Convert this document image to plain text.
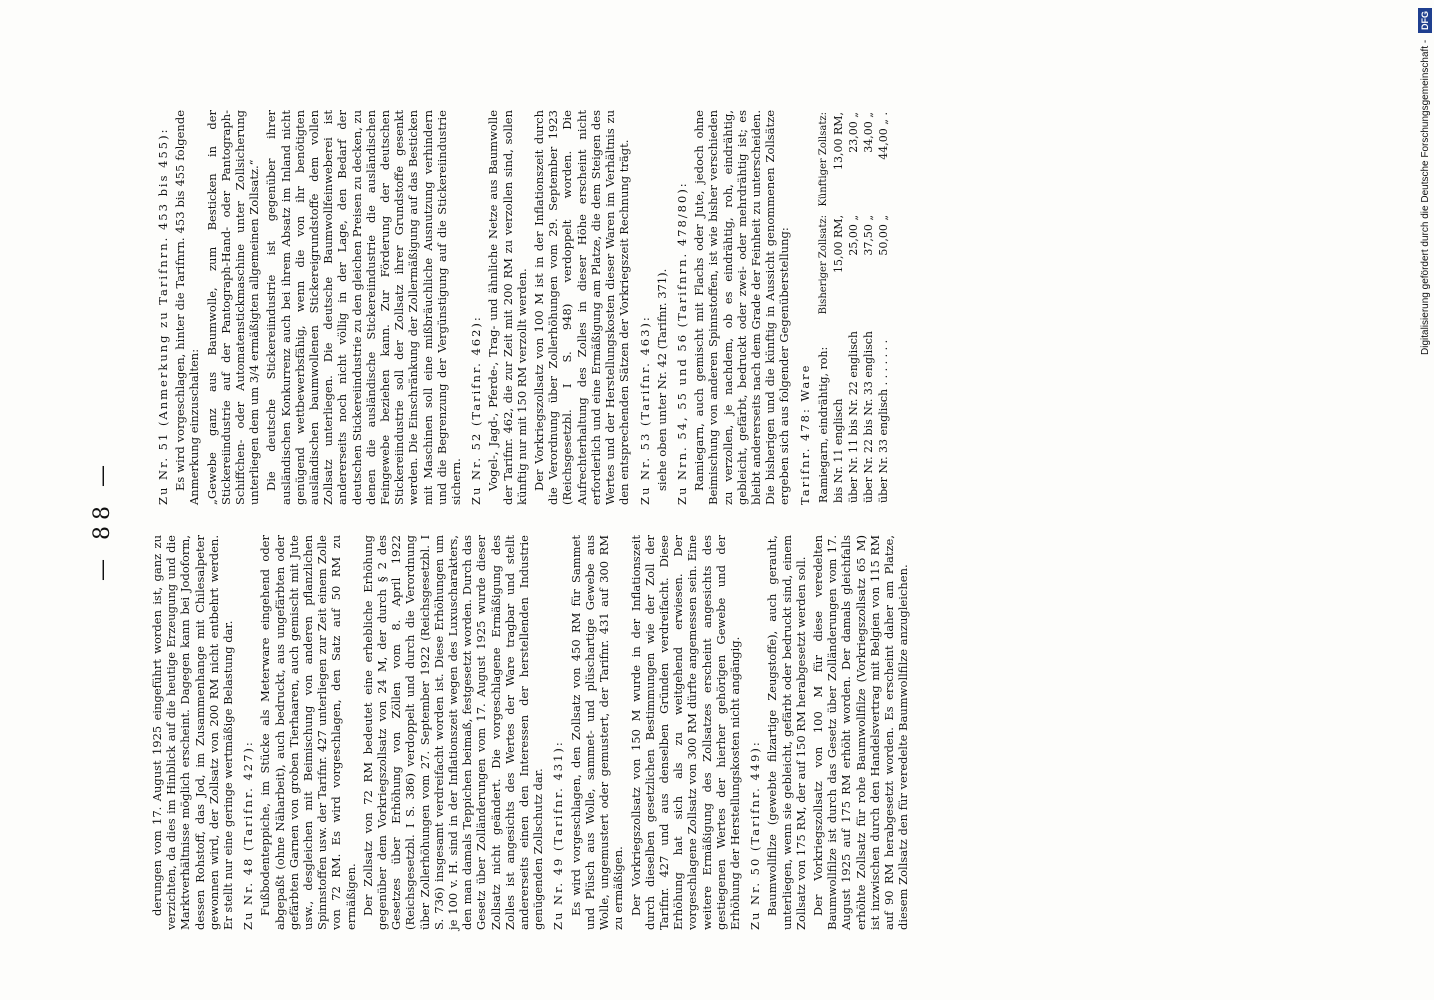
— 88 —

derungen vom 17. August 1925 eingeführt worden ist, ganz zu verzichten, da dies im Hinblick auf die heutige Erzeugung und die Marktverhältnisse möglich erscheint. Dagegen kann bei Jodoform, dessen Rohstoff, das Jod, im Zusammenhange mit Chilesalpeter gewonnen wird, der Zollsatz von 200 RM nicht entbehrt werden. Er stellt nur eine geringe wertmäßige Belastung dar. Zu Nr. 48 (Tarifnr. 427): Fußbodenteppiche, im Stücke als Meterware eingehend oder abgepaßt (ohne Näharbeit), auch bedruckt, aus ungefärbten oder gefärbten Garnen von groben Tierhaaren, auch gemischt mit Jute usw., desgleichen mit Beimischung von anderen pflanzlichen Spinnstoffen usw. der Tarifnr. 427 unterliegen zur Zeit einem Zolle von 72 RM. Es wird vorgeschlagen, den Satz auf 50 RM zu ermäßigen. Der Zollsatz von 72 RM bedeutet eine erhebliche Erhöhung gegenüber dem Vorkriegszollsatz von 24 M, der durch § 2 des Gesetzes über Erhöhung von Zöllen vom 8. April 1922 (Reichsgesetzbl. I S. 386) verdoppelt und durch die Verordnung über Zollerhöhungen vom 27. September 1922 (Reichsgesetzbl. I S. 736) insgesamt verdreifacht worden ist. Diese Erhöhungen um je 100 v. H. sind in der Inflationszeit wegen des Luxuscharakters, den man damals Teppichen beimaß, festgesetzt worden. Durch das Gesetz über Zolländerungen vom 17. August 1925 wurde dieser Zollsatz nicht geändert. Die vorgeschlagene Ermäßigung des Zolles ist angesichts des Wertes der Ware tragbar und stellt andererseits einen den Interessen der herstellenden Industrie genügenden Zollschutz dar. Zu Nr. 49 (Tarifnr. 431): Es wird vorgeschlagen, den Zollsatz von 450 RM für Sammet und Plüsch aus Wolle, sammet- und plüschartige Gewebe aus Wolle, ungemustert oder gemustert, der Tarifnr. 431 auf 300 RM zu ermäßigen. Der Vorkriegszollsatz von 150 M wurde in der Inflationszeit durch dieselben gesetzlichen Bestimmungen wie der Zoll der Tarifnr. 427 und aus denselben Gründen verdreifacht. Diese Erhöhung hat sich als zu weitgehend erwiesen. Der vorgeschlagene Zollsatz von 300 RM dürfte angemessen sein. Eine weitere Ermäßigung des Zollsatzes erscheint angesichts des gestiegenen Wertes der hierher gehörigen Gewebe und der Erhöhung der Herstellungskosten nicht angängig. Zu Nr. 50 (Tarifnr. 449): Baumwollfilze (gewebte filzartige Zeugstoffe), auch gerauht, unterliegen, wenn sie gebleicht, gefärbt oder bedruckt sind, einem Zollsatz von 175 RM, der auf 150 RM herabgesetzt werden soll. Der Vorkriegszollsatz von 100 M für diese veredelten Baumwollfilze ist durch das Gesetz über Zolländerungen vom 17. August 1925 auf 175 RM erhöht worden. Der damals gleichfalls erhöhte Zollsatz für rohe Baumwollfilze (Vorkriegszollsatz 65 M) ist inzwischen durch den Handelsvertrag mit Belgien von 115 RM auf 90 RM herabgesetzt worden. Es erscheint daher am Platze, diesem Zollsatz den für veredelte Baumwollfilze anzugleichen.

Zu Nr. 51 (Anmerkung zu Tarifnrn. 453 bis 455): Es wird vorgeschlagen, hinter die Tarifnrn. 453 bis 455 folgende Anmerkung einzuschalten: „Gewebe ganz aus Baumwolle, zum Besticken in der Stickereiindustrie auf der Pantograph-Hand- oder Pantograph-Schiffchen- oder Automatenstickmaschine unter Zollsicherung unterliegen dem um 3/4 ermäßigten allgemeinen Zollsatz.“ Die deutsche Stickereiindustrie ist gegenüber ihrer ausländischen Konkurrenz auch bei ihrem Absatz im Inland nicht genügend wettbewerbsfähig, wenn die von ihr benötigten ausländischen baumwollenen Stickereigrundstoffe dem vollen Zollsatz unterliegen. Die deutsche Baumwollfeinweberei ist andererseits noch nicht völlig in der Lage, den Bedarf der deutschen Stickereiindustrie zu den gleichen Preisen zu decken, zu denen die ausländische Stickereiindustrie die ausländischen Feingewebe beziehen kann. Zur Förderung der deutschen Stickereiindustrie soll der Zollsatz ihrer Grundstoffe gesenkt werden. Die Einschränkung der Zollermäßigung auf das Besticken mit Maschinen soll eine mißbräuchliche Ausnutzung verhindern und die Begrenzung der Vergünstigung auf die Stickereiindustrie sichern. Zu Nr. 52 (Tarifnr. 462): Vogel-, Jagd-, Pferde-, Trag- und ähnliche Netze aus Baumwolle der Tarifnr. 462, die zur Zeit mit 200 RM zu verzollen sind, sollen künftig nur mit 150 RM verzollt werden. Der Vorkriegszollsatz von 100 M ist in der Inflationszeit durch die Verordnung über Zollerhöhungen vom 29. September 1923 (Reichsgesetzbl. I S. 948) verdoppelt worden. Die Aufrechterhaltung des Zolles in dieser Höhe erscheint nicht erforderlich und eine Ermäßigung am Platze, die dem Steigen des Wertes und der Herstellungskosten dieser Waren im Verhältnis zu den entsprechenden Sätzen der Vorkriegszeit Rechnung trägt. Zu Nr. 53 (Tarifnr. 463): siehe oben unter Nr. 42 (Tarifnr. 371). Zu Nrn. 54, 55 und 56 (Tarifnrn. 478/80): Ramiegarn, auch gemischt mit Flachs oder Jute, jedoch ohne Beimischung von anderen Spinnstoffen, ist wie bisher verschieden zu verzollen, je nachdem, ob es eindrähtig, roh, eindrähtig, gebleicht, gefärbt, bedruckt oder zwei- oder mehrdrähtig ist; es bleibt andererseits nach dem Grade der Feinheit zu unterscheiden. Die bisherigen und die künftig in Aussicht genommenen Zollsätze ergeben sich aus folgender Gegenüberstellung: Tarifnr. 478: Ware Ramiegarn, eindrähtig, roh:	Bisheriger Zollsatz:	Künftiger Zollsatz:
bis Nr. 11 englisch	15,00 RM,	13,00 RM,
über Nr. 11 bis Nr. 22 englisch	25,00 „	23,00 „
über Nr. 22 bis Nr. 33 englisch	37,50 „	34,00 „
über Nr. 33 englisch . . . . . . .	50,00 „	44,00 „ .	Digitalisierung gefördert durch die Deutsche Forschungsgemeinschaft - DFG
